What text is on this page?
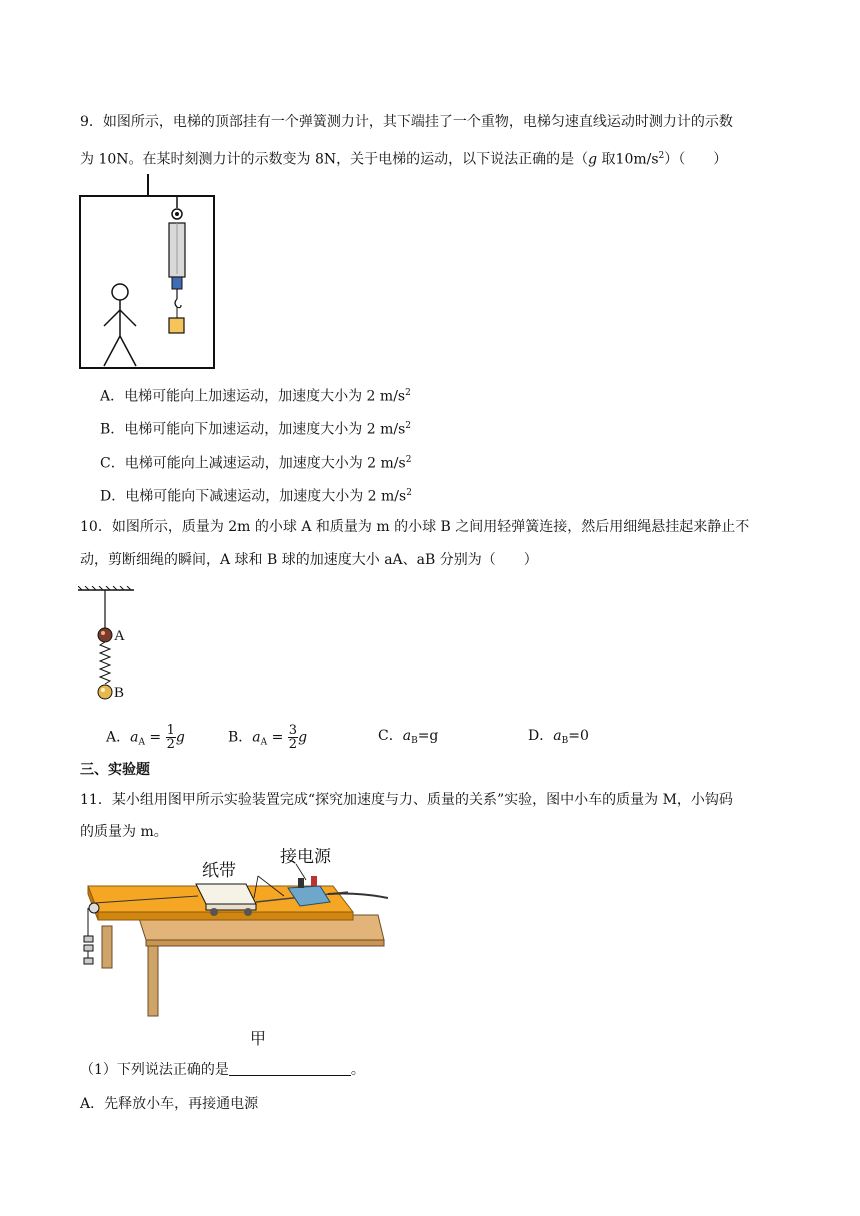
9．如图所示，电梯的顶部挂有一个弹簧测力计，其下端挂了一个重物，电梯匀速直线运动时测力计的示数
为 10N。在某时刻测力计的示数变为 8N，关于电梯的运动，以下说法正确的是（g 取$10m/s^2$）（　　）
A．电梯可能向上加速运动，加速度大小为 2 $m/s^2$
B．电梯可能向下加速运动，加速度大小为 2 $m/s^2$
C．电梯可能向上减速运动，加速度大小为 2 $m/s^2$
D．电梯可能向下减速运动，加速度大小为 2 $m/s^2$
10．如图所示，质量为 2m 的小球 A 和质量为 m 的小球 B 之间用轻弹簧连接，然后用细绳悬挂起来静止不
动，剪断细绳的瞬间，A 球和 B 球的加速度大小 aA、aB 分别为（　　）
A
B
A．$a_A = \frac{1}{2}$ g	B．$a_A = \frac{3}{2}$ g	C．$a_B=g$	D．$a_B=0$
三、实验题
11．某小组用图甲所示实验装置完成“探究加速度与力、质量的关系”实验，图中小车的质量为 M，小钩码
的质量为 m。
纸带
接电源
甲
（1）下列说法正确的是	。
A．先释放小车，再接通电源
